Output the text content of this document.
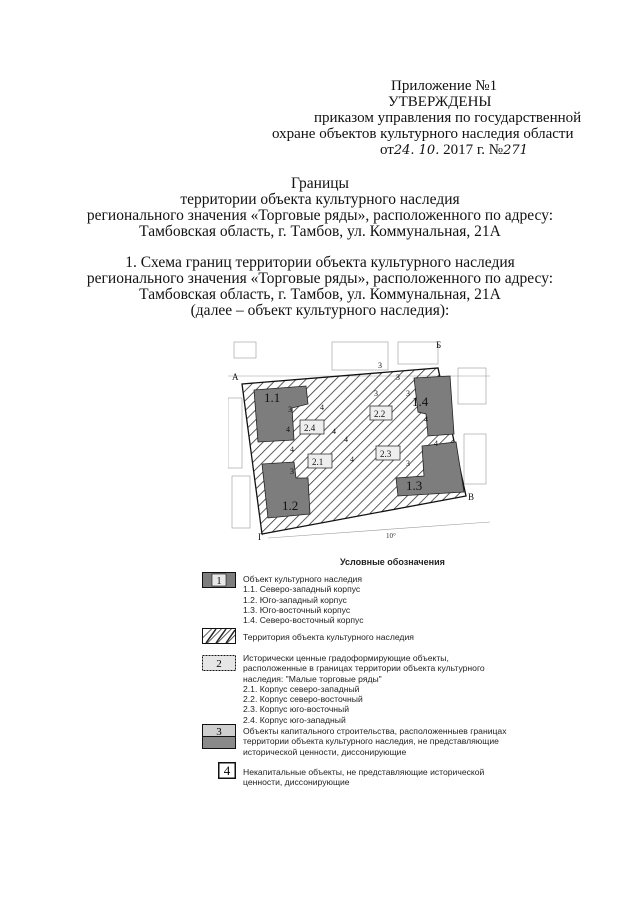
Приложение №1
УТВЕРЖДЕНЫ
приказом управления по государственной
охране объектов культурного наследия области
от24. 10. 2017 г. №271
Границы
территории объекта культурного наследия
регионального значения «Торговые ряды», расположенного по адресу:
Тамбовская область, г. Тамбов, ул. Коммунальная, 21А
1. Схема границ территории объекта культурного наследия
регионального значения «Торговые ряды», расположенного по адресу:
Тамбовская область, г. Тамбов, ул. Коммунальная, 21А
(далее – объект культурного наследия):
А
Б
В
Г
1.1
1.2
1.3
1.4
2.1
2.2
2.3
2.4
3
3
3
3	3
3
3
4
4
4
4
4
4
4
4
10°
Условные обозначения
1	Объект культурного наследия
1.1. Северо-западный корпус
1.2. Юго-западный корпус
1.3. Юго-восточный корпус
1.4. Северо-восточный корпус
Территория объекта культурного наследия
2 Исторически ценные градоформирующие объекты,
расположенные в границах территории объекта культурного
наследия: "Малые торговые ряды"
2.1. Корпус северо-западный
2.2. Корпус северо-восточный
2.3. Корпус юго-восточный
2.4. Корпус юго-западный
3 Объекты капитального строительства, расположенныев границах
территории объекта культурного наследия, не представляющие
исторической ценности, диссонирующие
4 Некапитальные объекты, не представляющие исторической
ценности, диссонирующие
